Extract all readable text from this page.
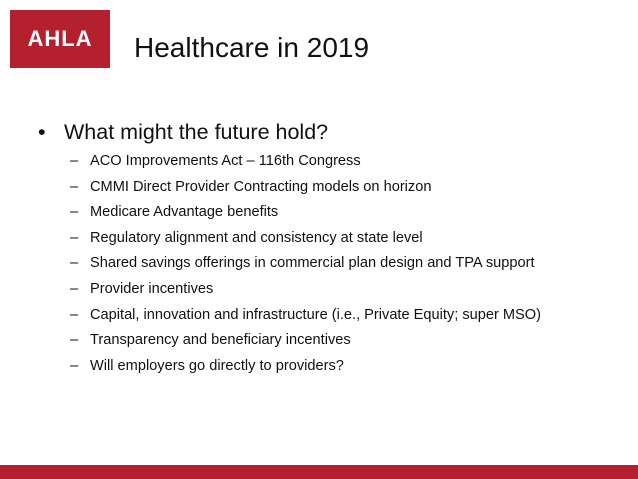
AHLA Healthcare in 2019
• What might the future hold?
– ACO Improvements Act – 116th Congress
– CMMI Direct Provider Contracting models on horizon
– Medicare Advantage benefits
– Regulatory alignment and consistency at state level
– Shared savings offerings in commercial plan design and TPA support
– Provider incentives
– Capital, innovation and infrastructure (i.e., Private Equity; super MSO)
– Transparency and beneficiary incentives
– Will employers go directly to providers?
